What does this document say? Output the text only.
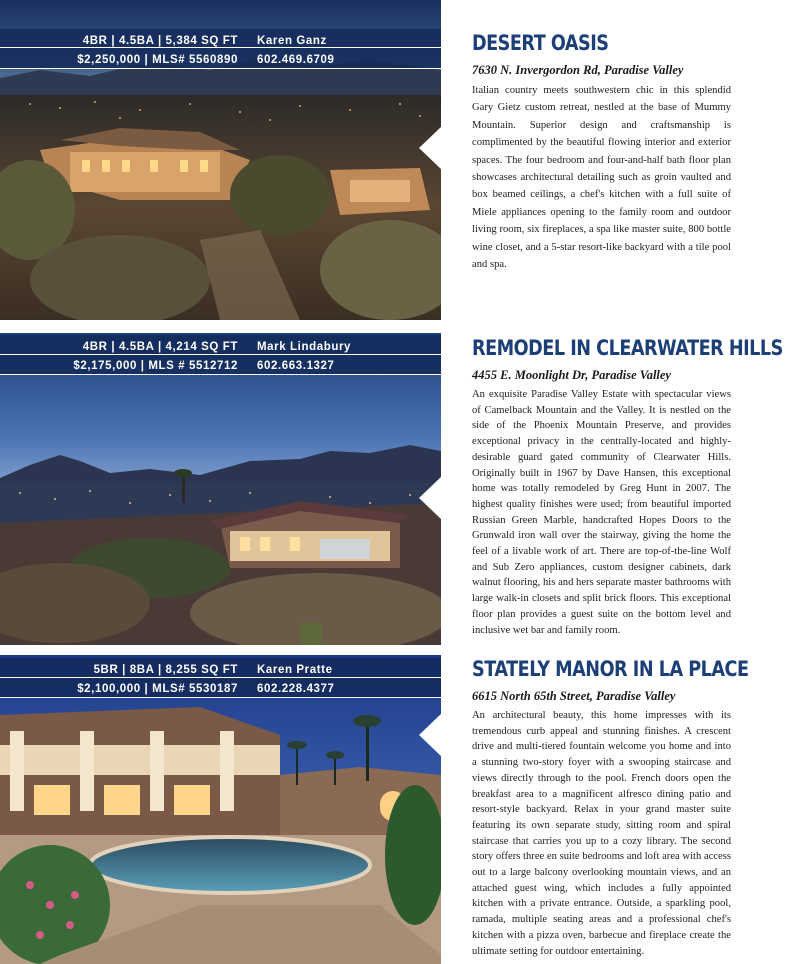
4BR | 4.5BA | 5,384 SQ FT Karen Ganz
$2,250,000 | MLS# 5560890 602.469.6709
DESERT OASIS
7630 N. Invergordon Rd, Paradise Valley

Italian country meets southwestern chic in this splendid Gary Gietz custom retreat, nestled at the base of Mummy Mountain. Superior design and craftsmanship is complimented by the beautiful flowing interior and exterior spaces. The four bedroom and four-and-half bath floor plan showcases architectural detailing such as groin vaulted and box beamed ceilings, a chef's kitchen with a full suite of Miele appliances opening to the family room and outdoor living room, six fireplaces, a spa like master suite, 800 bottle wine closet, and a 5-star resort-like backyard with a tile pool and spa.

4BR | 4.5BA | 4,214 SQ FT Mark Lindabury
$2,175,000 | MLS # 5512712 602.663.1327
REMODEL IN CLEARWATER HILLS
4455 E. Moonlight Dr, Paradise Valley

An exquisite Paradise Valley Estate with spectacular views of Camelback Mountain and the Valley. It is nestled on the side of the Phoenix Mountain Preserve, and provides exceptional privacy in the centrally-located and highly-desirable guard gated community of Clearwater Hills. Originally built in 1967 by Dave Hansen, this exceptional home was totally remodeled by Greg Hunt in 2007. The highest quality finishes were used; from beautiful imported Russian Green Marble, handcrafted Hopes Doors to the Grunwald iron wall over the stairway, giving the home the feel of a livable work of art. There are top-of-the-line Wolf and Sub Zero appliances, custom designer cabinets, dark walnut flooring, his and hers separate master bathrooms with large walk-in closets and split brick floors. This exceptional floor plan provides a guest suite on the bottom level and inclusive wet bar and family room.

5BR | 8BA | 8,255 SQ FT Karen Pratte
$2,100,000 | MLS# 5530187 602.228.4377
STATELY MANOR IN LA PLACE
6615 North 65th Street, Paradise Valley

An architectural beauty, this home impresses with its tremendous curb appeal and stunning finishes. A crescent drive and multi-tiered fountain welcome you home and into a stunning two-story foyer with a swooping staircase and views directly through to the pool. French doors open the breakfast area to a magnificent alfresco dining patio and resort-style backyard. Relax in your grand master suite featuring its own separate study, sitting room and spiral staircase that carries you up to a cozy library. The second story offers three en suite bedrooms and loft area with access out to a large balcony overlooking mountain views, and an attached guest wing, which includes a fully appointed kitchen with a private entrance. Outside, a sparkling pool, ramada, multiple seating areas and a professional chef's kitchen with a pizza oven, barbecue and fireplace create the ultimate setting for outdoor entertaining.
